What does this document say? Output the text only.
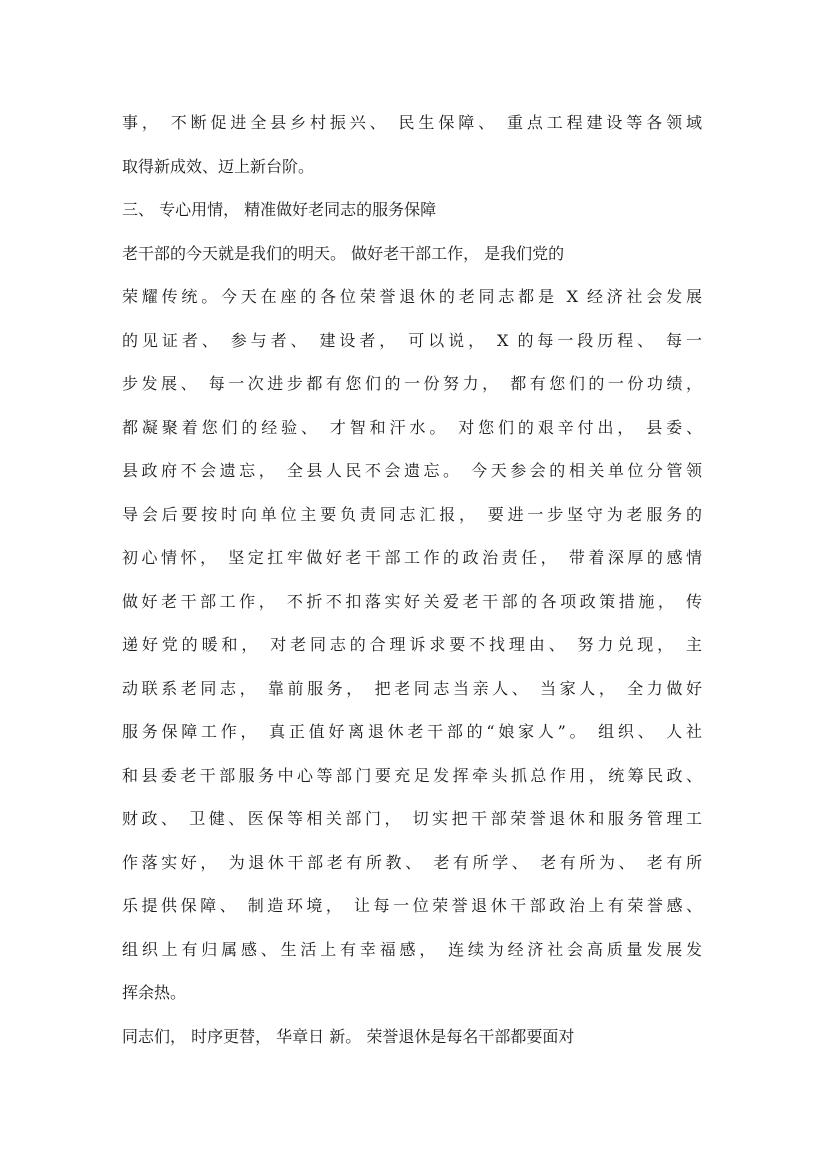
事， 不断促进全县乡村振兴、 民生保障、 重点工程建设等各领域
取得新成效、迈上新台阶。
三、 专心用情， 精准做好老同志的服务保障
老干部的今天就是我们的明天。 做好老干部工作， 是我们党的
荣耀传统。今天在座的各位荣誉退休的老同志都是 X 经济社会发展
的见证者、 参与者、 建设者， 可以说， X 的每一段历程、 每一
步发展、 每一次进步都有您们的一份努力， 都有您们的一份功绩，
都凝聚着您们的经验、 才智和汗水。 对您们的艰辛付出， 县委、
县政府不会遗忘， 全县人民不会遗忘。 今天参会的相关单位分管领
导会后要按时向单位主要负责同志汇报， 要进一步坚守为老服务的
初心情怀， 坚定扛牢做好老干部工作的政治责任， 带着深厚的感情
做好老干部工作， 不折不扣落实好关爱老干部的各项政策措施， 传
递好党的暖和， 对老同志的合理诉求要不找理由、 努力兑现， 主
动联系老同志， 靠前服务， 把老同志当亲人、 当家人， 全力做好
服务保障工作， 真正值好离退休老干部的“娘家人”。 组织、 人社
和县委老干部服务中心等部门要充足发挥牵头抓总作用，统筹民政、
财政、 卫健、医保等相关部门， 切实把干部荣誉退休和服务管理工
作落实好， 为退休干部老有所教、 老有所学、 老有所为、 老有所
乐提供保障、 制造环境， 让每一位荣誉退休干部政治上有荣誉感、
组织上有归属感、生活上有幸福感， 连续为经济社会高质量发展发
挥余热。
同志们， 时序更替， 华章日 新。 荣誉退休是每名干部都要面对
